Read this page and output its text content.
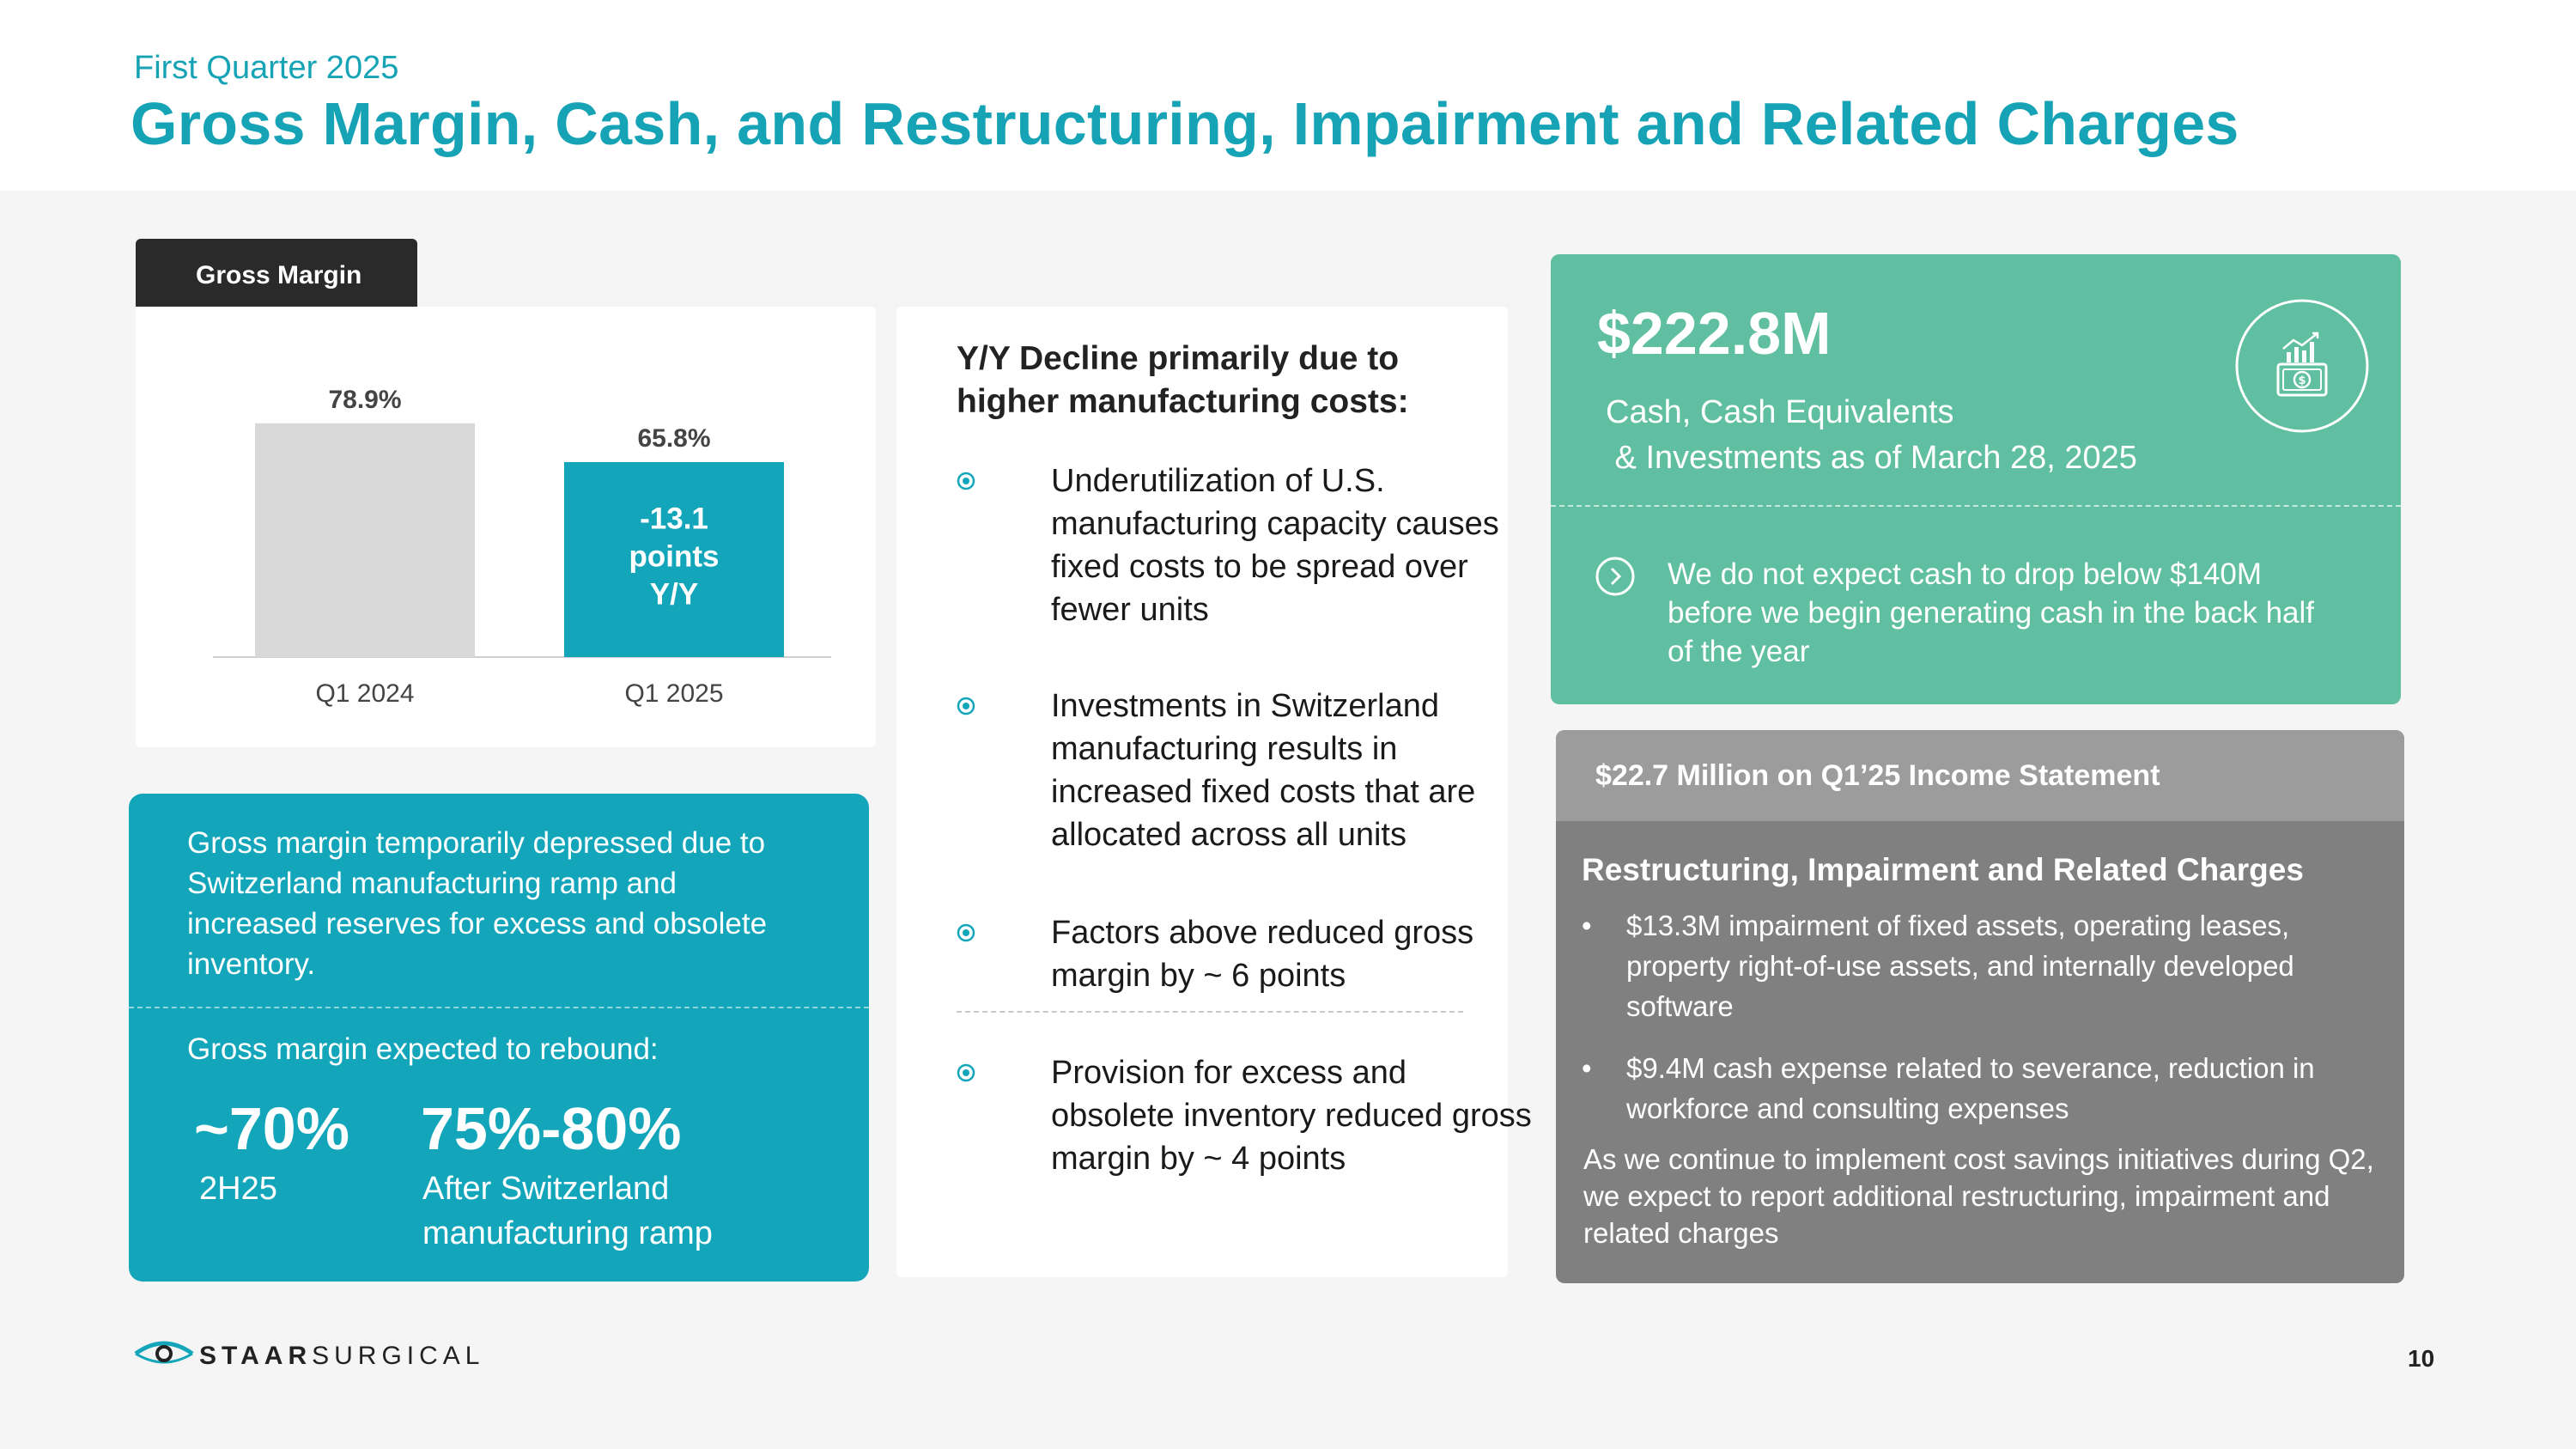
First Quarter 2025
Gross Margin, Cash, and Restructuring, Impairment and Related Charges
Gross Margin
78.9%
Q1 2024
65.8%
Q1 2025
-13.1
points
Y/Y
Gross margin temporarily depressed due to Switzerland manufacturing ramp and increased reserves for excess and obsolete inventory.
Gross margin expected to rebound:
~70%
2H25
75%-80%
After Switzerland manufacturing ramp
Y/Y Decline primarily due to higher manufacturing costs:
Underutilization of U.S. manufacturing capacity causes fixed costs to be spread over fewer units
Investments in Switzerland manufacturing results in increased fixed costs that are allocated across all units
Factors above reduced gross margin by ~ 6 points
Provision for excess and obsolete inventory reduced gross margin by ~ 4 points
$222.8M
Cash, Cash Equivalents
& Investments as of March 28, 2025
$
We do not expect cash to drop below $140M before we begin generating cash in the back half of the year
$22.7 Million on Q1’25 Income Statement
Restructuring, Impairment and Related Charges
• $13.3M impairment of fixed assets, operating leases, property right-of-use assets, and internally developed software
• $9.4M cash expense related to severance, reduction in workforce and consulting expenses
As we continue to implement cost savings initiatives during Q2, we expect to report additional restructuring, impairment and related charges
STAARSURGICAL	10
